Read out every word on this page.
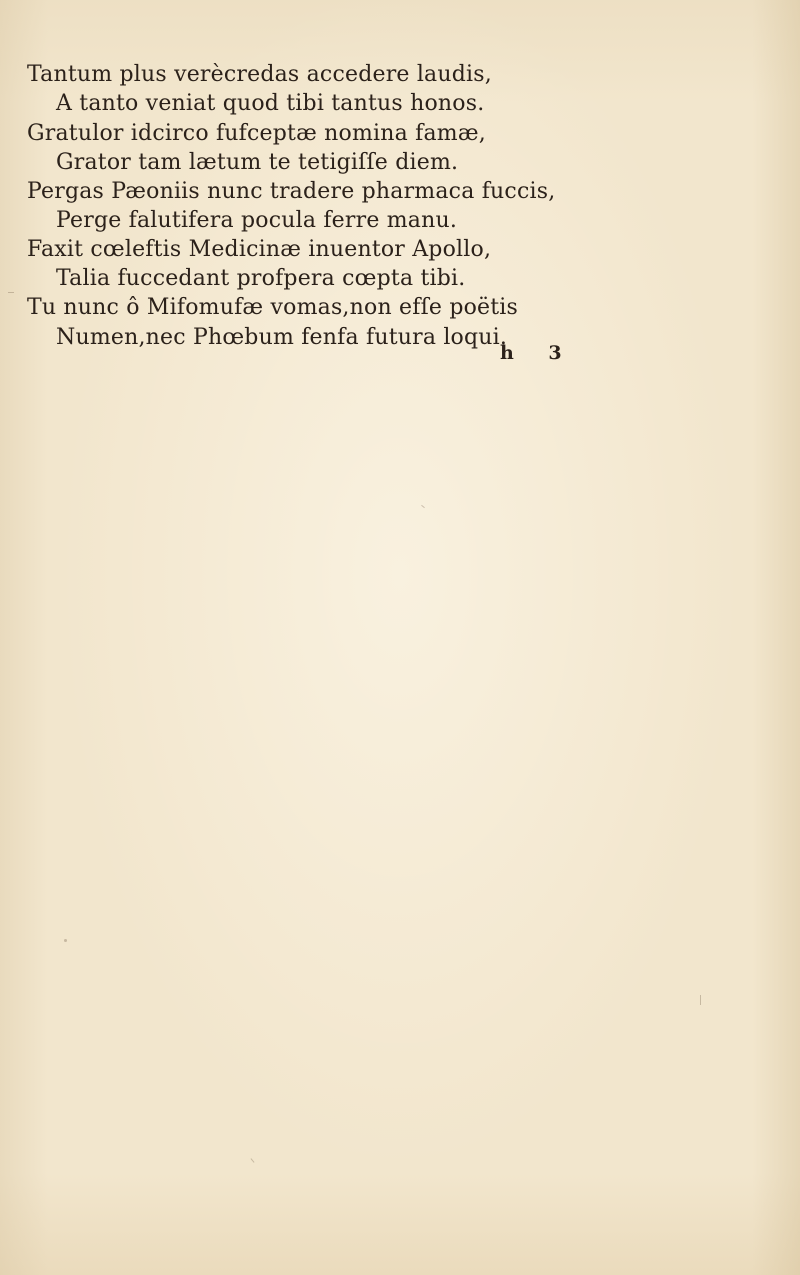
Tantum plus verècredas accedere laudis,
A tanto veniat quod tibi tantus honos.
Gratulor idcirco fufceptæ nomina famæ,
Grator tam lætum te tetigiſſe diem.
Pergas Pæoniis nunc tradere pharmaca fuccis,
Perge falutifera pocula ferre manu.
Faxit cœleftis Medicinæ inuentor Apollo,
Talia fuccedant profpera cœpta tibi.
Tu nunc ô Mifomufæ vomas,non efſe poëtis
Numen,nec Phœbum fenfa futura loqui.
h 3
